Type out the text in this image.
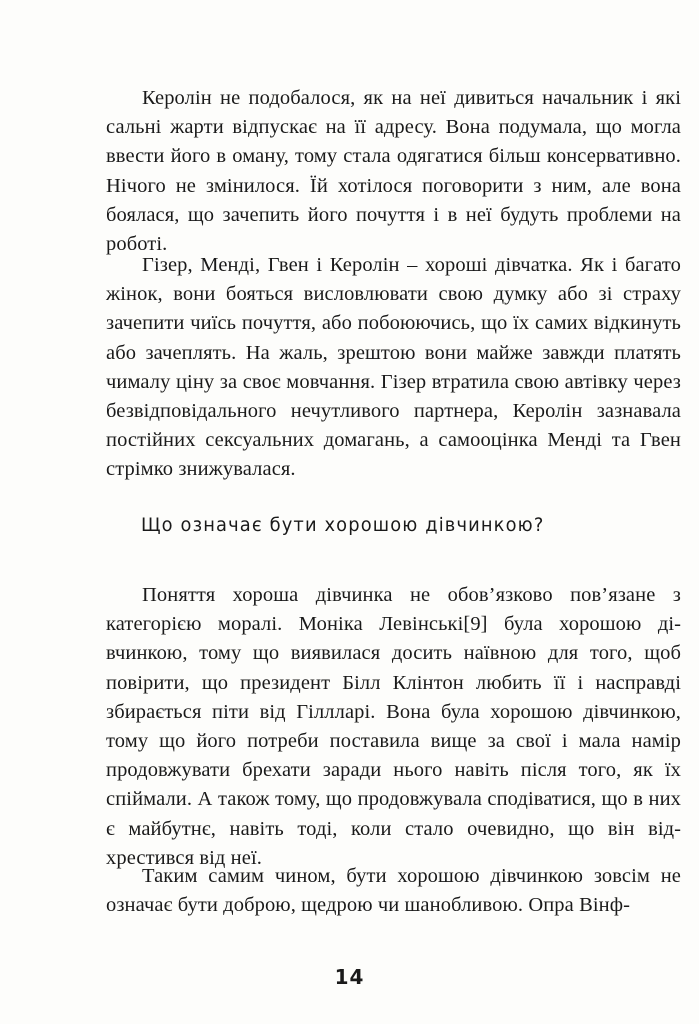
Керолін не подобалося, як на неї дивиться начальник і які сальні жарти відпускає на її адресу. Вона подумала, що могла ввести його в оману, тому стала одягатися більш консервативно. Нічого не змінилося. Їй хотілося поговорити з ним, але вона боялася, що зачепить його почуття і в неї будуть проблеми на роботі.

Гізер, Менді, Гвен і Керолін – хороші дівчатка. Як і багато жінок, вони бояться висловлювати свою думку або зі страху зачепити чиїсь почуття, або побоюючись, що їх самих відкинуть або зачеплять. На жаль, зрештою вони майже завжди платять чималу ціну за своє мовчання. Гізер втратила свою автівку через безвідповідального нечутливого партнера, Керолін зазнавала постійних сексуальних домагань, а самооцінка Менді та Гвен стрімко знижувалася.

Що означає бути хорошою дівчинкою?

Поняття хороша дівчинка не обов’язково пов’язане з категорією моралі. Моніка Левінські[9] була хорошою дівчинкою, тому що виявилася досить наївною для того, щоб повірити, що президент Білл Клінтон любить її і насправді збирається піти від Гіллларі. Вона була хорошою дівчинкою, тому що його потреби поставила вище за свої і мала намір продовжувати брехати заради нього навіть після того, як їх спіймали. А також тому, що продовжувала сподіватися, що в них є майбутнє, навіть тоді, коли стало очевидно, що він відхрестився від неї.

Таким самим чином, бути хорошою дівчинкою зовсім не означає бути доброю, щедрою чи шанобливою. Опра Вінф-

14
